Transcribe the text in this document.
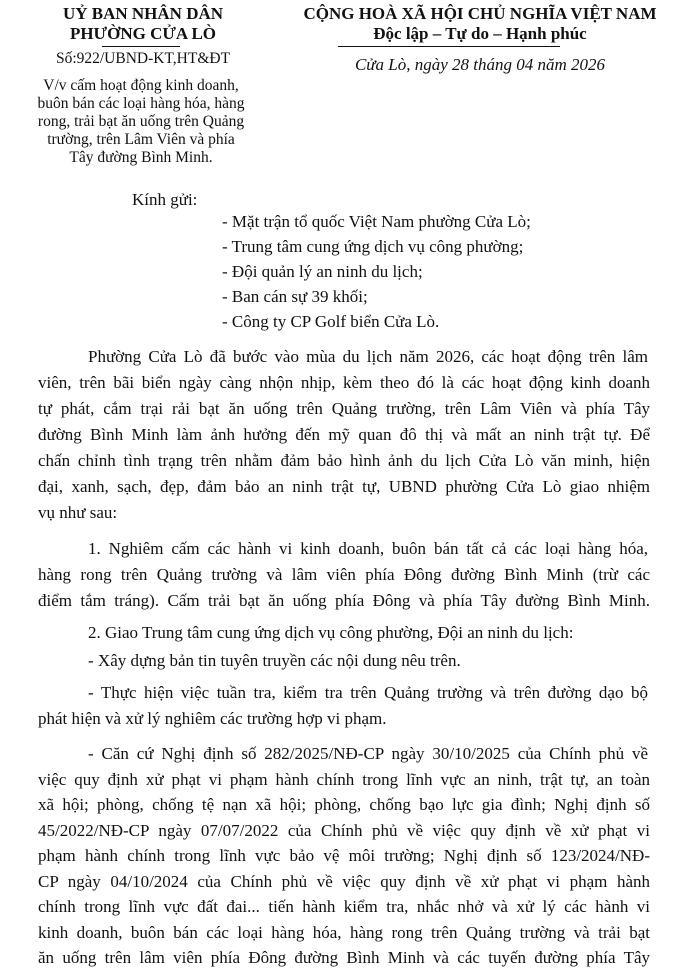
UỶ BAN NHÂN DÂN
PHƯỜNG CỬA LÒ
Số:922/UBND-KT,HT&ĐT
V/v cấm hoạt động kinh doanh,
buôn bán các loại hàng hóa, hàng
rong, trải bạt ăn uống trên Quảng
trường, trên Lâm Viên và phía
Tây đường Bình Minh.
CỘNG HOÀ XÃ HỘI CHỦ NGHĨA VIỆT NAM
Độc lập – Tự do – Hạnh phúc
Cửa Lò, ngày 28 tháng 04 năm 2026
Kính gửi:
- Mặt trận tổ quốc Việt Nam phường Cửa Lò;
- Trung tâm cung ứng dịch vụ công phường;
- Đội quản lý an ninh du lịch;
- Ban cán sự 39 khối;
- Công ty CP Golf biển Cửa Lò.
Phường Cửa Lò đã bước vào mùa du lịch năm 2026, các hoạt động trên lâm
viên, trên bãi biển ngày càng nhộn nhịp, kèm theo đó là các hoạt động kinh doanh
tự phát, cắm trại rải bạt ăn uống trên Quảng trường, trên Lâm Viên và phía Tây
đường Bình Minh làm ảnh hưởng đến mỹ quan đô thị và mất an ninh trật tự. Để
chấn chỉnh tình trạng trên nhằm đảm bảo hình ảnh du lịch Cửa Lò văn minh, hiện
đại, xanh, sạch, đẹp, đảm bảo an ninh trật tự, UBND phường Cửa Lò giao nhiệm
vụ như sau:
1. Nghiêm cấm các hành vi kinh doanh, buôn bán tất cả các loại hàng hóa,
hàng rong trên Quảng trường và lâm viên phía Đông đường Bình Minh (trừ các
điểm tắm tráng). Cấm trải bạt ăn uống phía Đông và phía Tây đường Bình Minh.
2. Giao Trung tâm cung ứng dịch vụ công phường, Đội an ninh du lịch:
- Xây dựng bản tin tuyên truyền các nội dung nêu trên.
- Thực hiện việc tuần tra, kiểm tra trên Quảng trường và trên đường dạo bộ
phát hiện và xử lý nghiêm các trường hợp vi phạm.
- Căn cứ Nghị định số 282/2025/NĐ-CP ngày 30/10/2025 của Chính phủ về
việc quy định xử phạt vi phạm hành chính trong lĩnh vực an ninh, trật tự, an toàn
xã hội; phòng, chống tệ nạn xã hội; phòng, chống bạo lực gia đình; Nghị định số
45/2022/NĐ-CP ngày 07/07/2022 của Chính phủ về việc quy định về xử phạt vi
phạm hành chính trong lĩnh vực bảo vệ môi trường; Nghị định số 123/2024/NĐ-
CP ngày 04/10/2024 của Chính phủ về việc quy định về xử phạt vi phạm hành
chính trong lĩnh vực đất đai... tiến hành kiểm tra, nhắc nhở và xử lý các hành vi
kinh doanh, buôn bán các loại hàng hóa, hàng rong trên Quảng trường và trải bạt
ăn uống trên lâm viên phía Đông đường Bình Minh và các tuyến đường phía Tây
